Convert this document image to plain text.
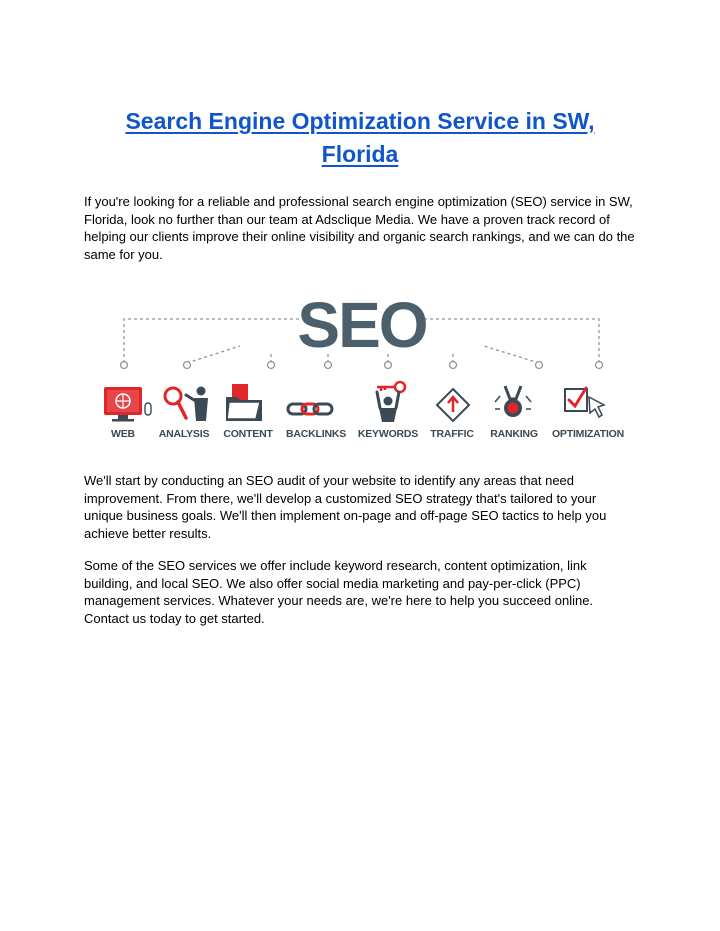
Search Engine Optimization Service in SW, Florida

If you're looking for a reliable and professional search engine optimization (SEO) service in SW, Florida, look no further than our team at Adsclique Media. We have a proven track record of helping our clients improve their online visibility and organic search rankings, and we can do the same for you.

SEO
WEB ANALYSIS CONTENT BACKLINKS KEYWORDS TRAFFIC RANKING OPTIMIZATION

We'll start by conducting an SEO audit of your website to identify any areas that need improvement. From there, we'll develop a customized SEO strategy that's tailored to your unique business goals. We'll then implement on-page and off-page SEO tactics to help you achieve better results.

Some of the SEO services we offer include keyword research, content optimization, link building, and local SEO. We also offer social media marketing and pay-per-click (PPC) management services. Whatever your needs are, we're here to help you succeed online. Contact us today to get started.
